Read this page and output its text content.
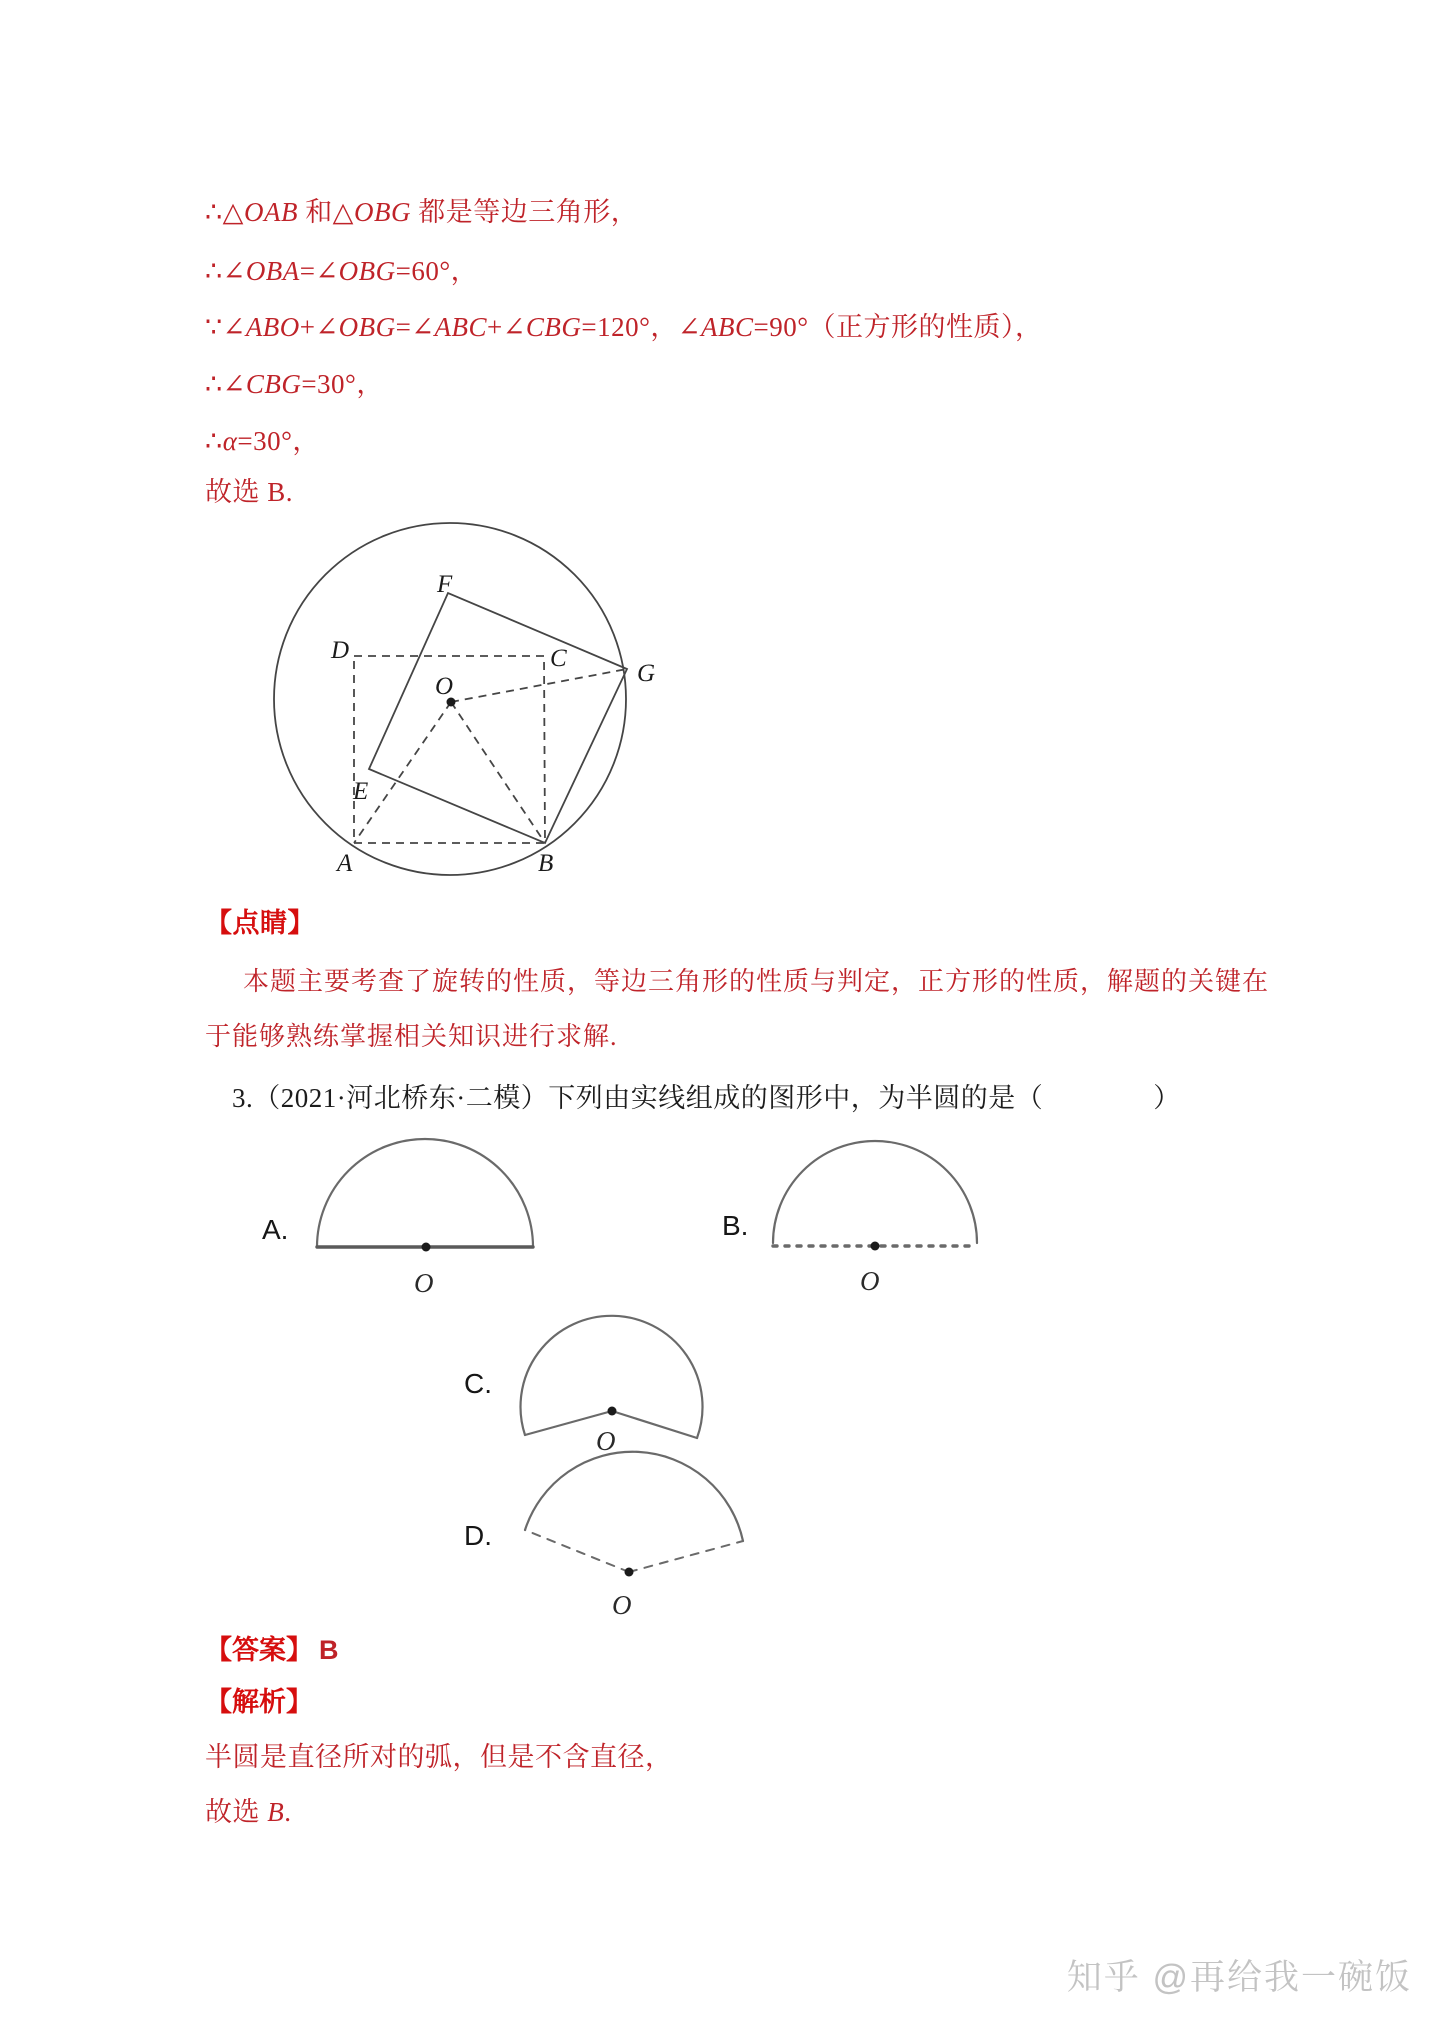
∴△OAB 和△OBG 都是等边三角形，
∴∠OBA=∠OBG=60°，
∵∠ABO+∠OBG=∠ABC+∠CBG=120°，∠ABC=90°（正方形的性质），
∴∠CBG=30°，
∴α=30°，
故选 B.
F
D	C
G
O
E
A	B
【点睛】
本题主要考查了旋转的性质，等边三角形的性质与判定，正方形的性质，解题的关键在
于能够熟练掌握相关知识进行求解.
3.（2021·河北桥东·二模）下列由实线组成的图形中，为半圆的是（　　　　）
A.	B.
C.
D.
O	O
O
O
【答案】 B
【解析】
半圆是直径所对的弧，但是不含直径，
故选 B.
知乎 @再给我一碗饭
